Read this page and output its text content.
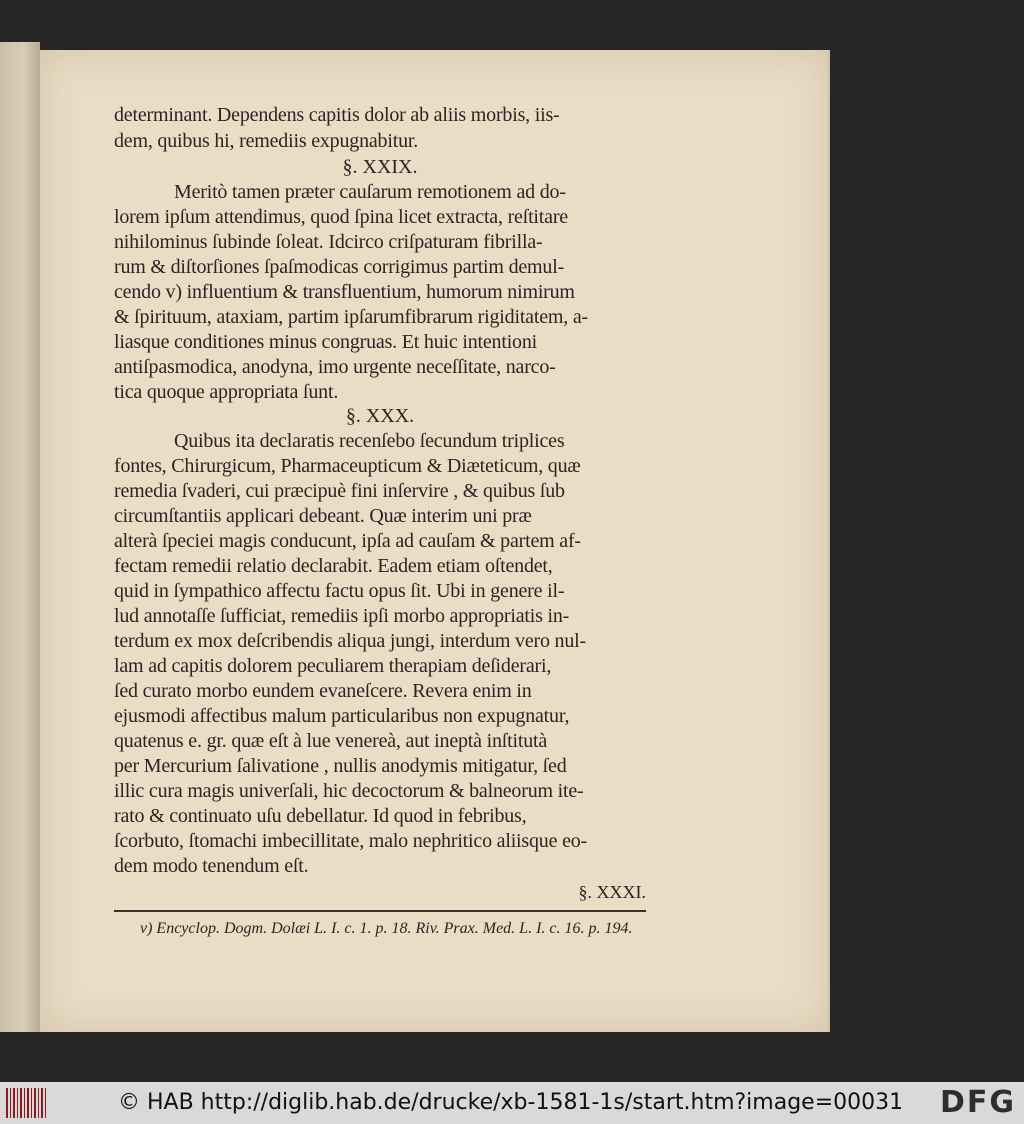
determinant. Dependens capitis dolor ab aliis morbis, iis-
dem, quibus hi, remediis expugnabitur.
§. XXIX.
Meritò tamen præter cauſarum remotionem ad do-
lorem ipſum attendimus, quod ſpina licet extracta, reſtitare
nihilominus ſubinde ſoleat. Idcirco criſpaturam fibrilla-
rum & diſtorſiones ſpaſmodicas corrigimus partim demul-
cendo v) influentium & transfluentium, humorum nimirum
& ſpirituum, ataxiam, partim ipſarumfibrarum rigiditatem, a-
liasque conditiones minus congruas. Et huic intentioni
antiſpasmodica, anodyna, imo urgente neceſſitate, narco-
tica quoque appropriata ſunt.
§. XXX.
Quibus ita declaratis recenſebo ſecundum triplices
fontes, Chirurgicum, Pharmaceupticum & Diæteticum, quæ
remedia ſvaderi, cui præcipuè fini inſervire , & quibus ſub
circumſtantiis applicari debeant. Quæ interim uni præ
alterà ſpeciei magis conducunt, ipſa ad cauſam & partem af-
fectam remedii relatio declarabit. Eadem etiam oſtendet,
quid in ſympathico affectu factu opus ſit. Ubi in genere il-
lud annotaſſe ſufficiat, remediis ipſi morbo appropriatis in-
terdum ex mox deſcribendis aliqua jungi, interdum vero nul-
lam ad capitis dolorem peculiarem therapiam deſiderari,
ſed curato morbo eundem evaneſcere. Revera enim in
ejusmodi affectibus malum particularibus non expugnatur,
quatenus e. gr. quæ eſt à lue venereà, aut ineptà inſtitutà
per Mercurium ſalivatione , nullis anodymis mitigatur, ſed
illic cura magis univerſali, hic decoctorum & balneorum ite-
rato & continuato uſu debellatur. Id quod in febribus,
ſcorbuto, ſtomachi imbecillitate, malo nephritico aliisque eo-
dem modo tenendum eſt.
§. XXXI.
v) Encyclop. Dogm. Dolæi L. I. c. 1. p. 18. Riv. Prax. Med. L. I. c. 16. p. 194.
© HAB http://diglib.hab.de/drucke/xb-1581-1s/start.htm?image=00031 DFG
